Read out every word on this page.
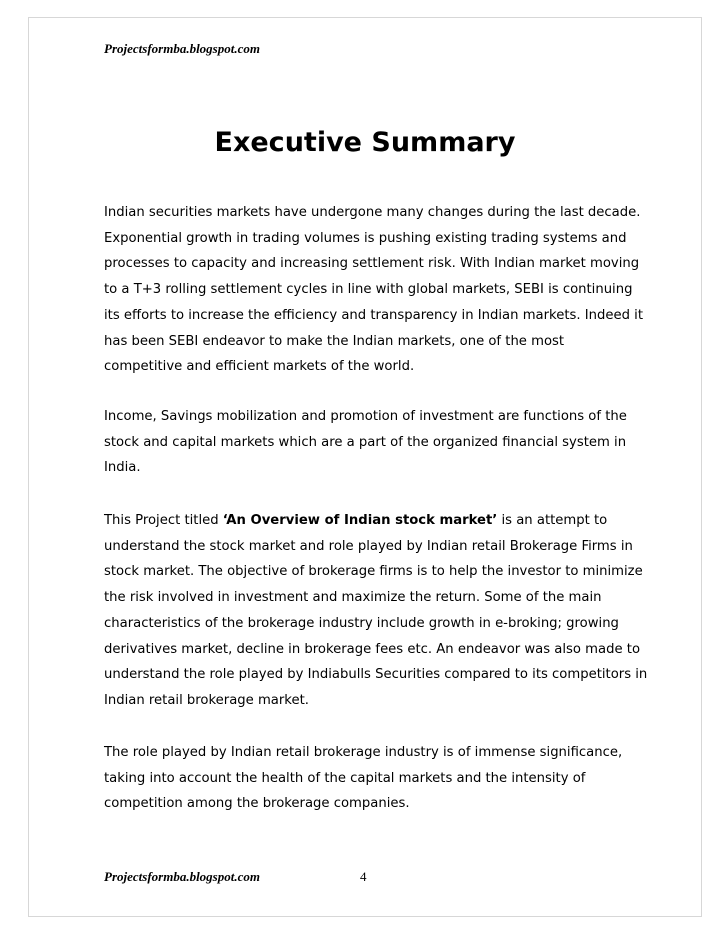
Projectsformba.blogspot.com
Executive Summary
Indian securities markets have undergone many changes during the last decade.
Exponential growth in trading volumes is pushing existing trading systems and
processes to capacity and increasing settlement risk. With Indian market moving
to a T+3 rolling settlement cycles in line with global markets, SEBI is continuing
its efforts to increase the efficiency and transparency in Indian markets. Indeed it
has been SEBI endeavor to make the Indian markets, one of the most
competitive and efficient markets of the world.
Income, Savings mobilization and promotion of investment are functions of the
stock and capital markets which are a part of the organized financial system in
India.
This Project titled ‘An Overview of Indian stock market’ is an attempt to
understand the stock market and role played by Indian retail Brokerage Firms in
stock market. The objective of brokerage firms is to help the investor to minimize
the risk involved in investment and maximize the return. Some of the main
characteristics of the brokerage industry include growth in e-broking; growing
derivatives market, decline in brokerage fees etc. An endeavor was also made to
understand the role played by Indiabulls Securities compared to its competitors in
Indian retail brokerage market.
The role played by Indian retail brokerage industry is of immense significance,
taking into account the health of the capital markets and the intensity of
competition among the brokerage companies.
Projectsformba.blogspot.com	4
